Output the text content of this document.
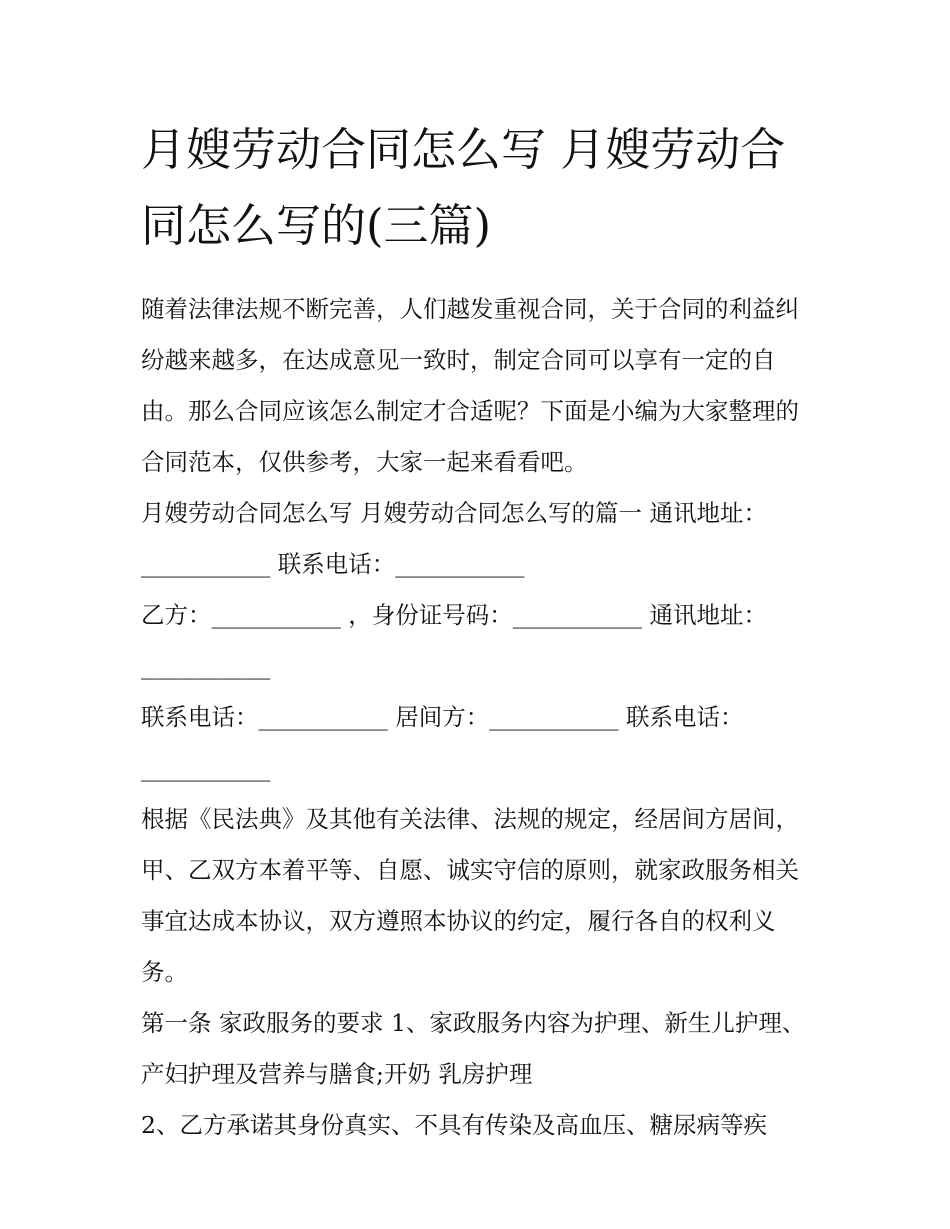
月嫂劳动合同怎么写 月嫂劳动合同怎么写的(三篇)

随着法律法规不断完善，人们越发重视合同，关于合同的利益纠纷越来越多，在达成意见一致时，制定合同可以享有一定的自由。那么合同应该怎么制定才合适呢？下面是小编为大家整理的合同范本，仅供参考，大家一起来看看吧。

月嫂劳动合同怎么写 月嫂劳动合同怎么写的篇一 通讯地址：___________ 联系电话：___________

乙方：___________ ，身份证号码：___________ 通讯地址：___________

联系电话：___________ 居间方：___________ 联系电话：___________

根据《民法典》及其他有关法律、法规的规定，经居间方居间，甲、乙双方本着平等、自愿、诚实守信的原则，就家政服务相关事宜达成本协议，双方遵照本协议的约定，履行各自的权利义务。

第一条 家政服务的要求 1、家政服务内容为护理、新生儿护理、产妇护理及营养与膳食;开奶 乳房护理

2、乙方承诺其身份真实、不具有传染及高血压、糖尿病等疾
